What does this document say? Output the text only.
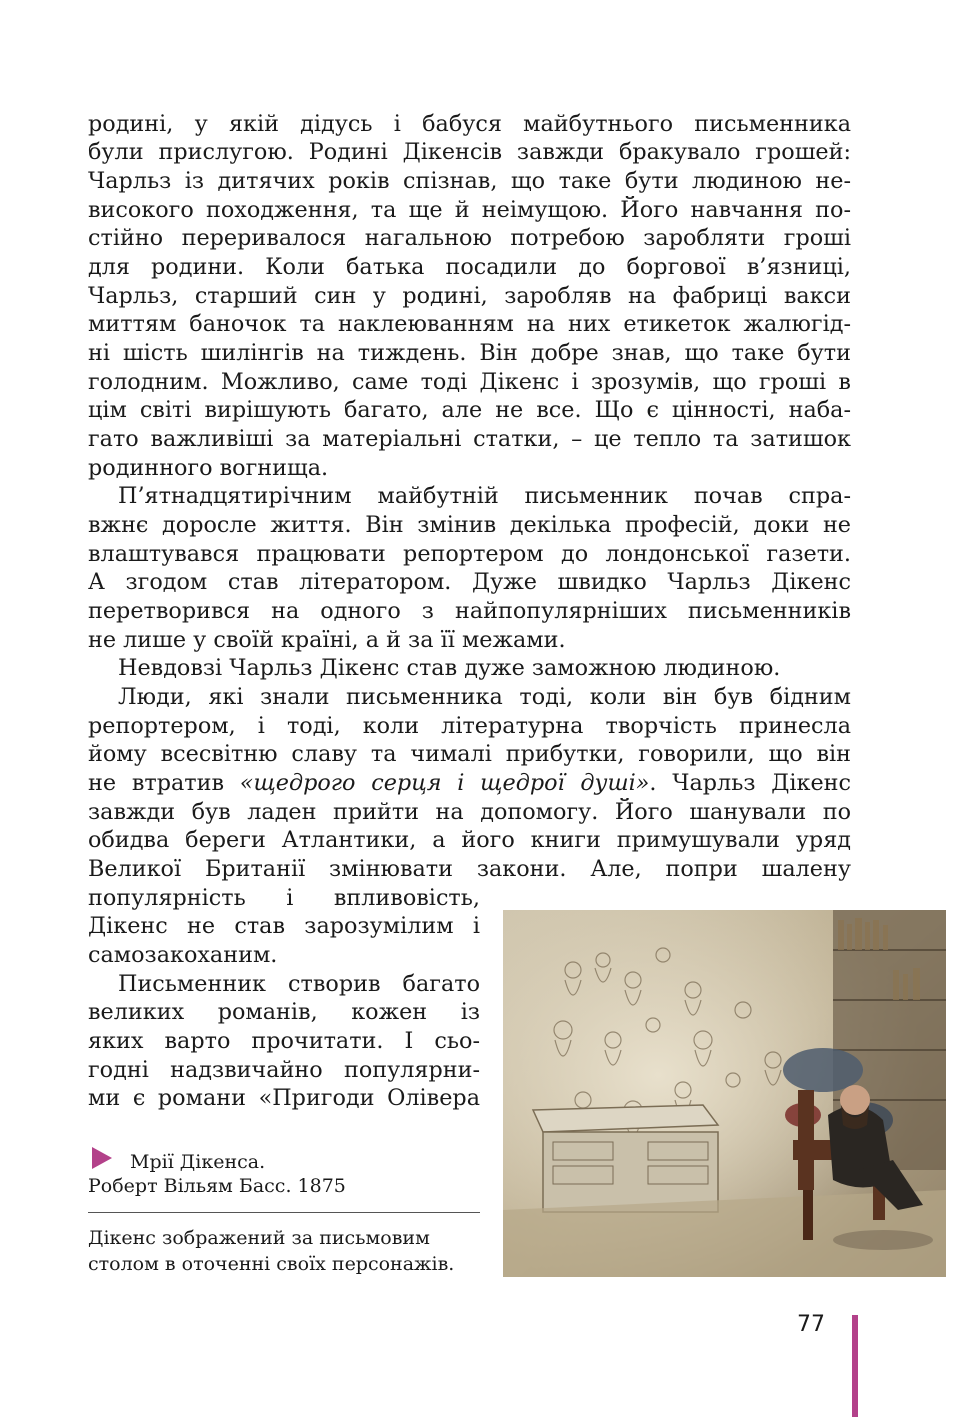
родині, у якій дідусь і бабуся майбутнього письменника
були прислугою. Родині Дікенсів завжди бракувало грошей:
Чарльз із дитячих років спізнав, що таке бути людиною не-
високого походження, та ще й неімущою. Його навчання по-
стійно переривалося нагальною потребою заробляти гроші
для родини. Коли батька посадили до боргової в’язниці,
Чарльз, старший син у родині, заробляв на фабриці вакси
миттям баночок та наклеюванням на них етикеток жалюгід-
ні шість шилінгів на тиждень. Він добре знав, що таке бути
голодним. Можливо, саме тоді Дікенс і зрозумів, що гроші в
цім світі вирішують багато, але не все. Що є цінності, наба-
гато важливіші за матеріальні статки, – це тепло та затишок
родинного вогнища.
П’ятнадцятирічним майбутній письменник почав спра-
вжнє доросле життя. Він змінив декілька професій, доки не
влаштувався працювати репортером до лондонської газети.
А згодом став літератором. Дуже швидко Чарльз Дікенс
перетворився на одного з найпопулярніших письменників
не лише у своїй країні, а й за її межами.
Невдовзі Чарльз Дікенс став дуже заможною людиною.
Люди, які знали письменника тоді, коли він був бідним
репортером, і тоді, коли літературна творчість принесла
йому всесвітню славу та чималі прибутки, говорили, що він
не втратив «щедрого серця і щедрої душі». Чарльз Дікенс
завжди був ладен прийти на допомогу. Його шанували по
обидва береги Атлантики, а його книги примушували уряд
Великої Британії змінювати закони. Але, попри шалену
популярність і впливовість,
Дікенс не став зарозумілим і
самозакоханим.
Письменник створив багато
великих романів, кожен із
яких варто прочитати. І сьо-
годні надзвичайно популярни-
ми є романи «Пригоди Олівера
Мрії Дікенса.
Роберт Вільям Басс. 1875
Дікенс зображений за письмовим
столом в оточенні своїх персонажів.
77
